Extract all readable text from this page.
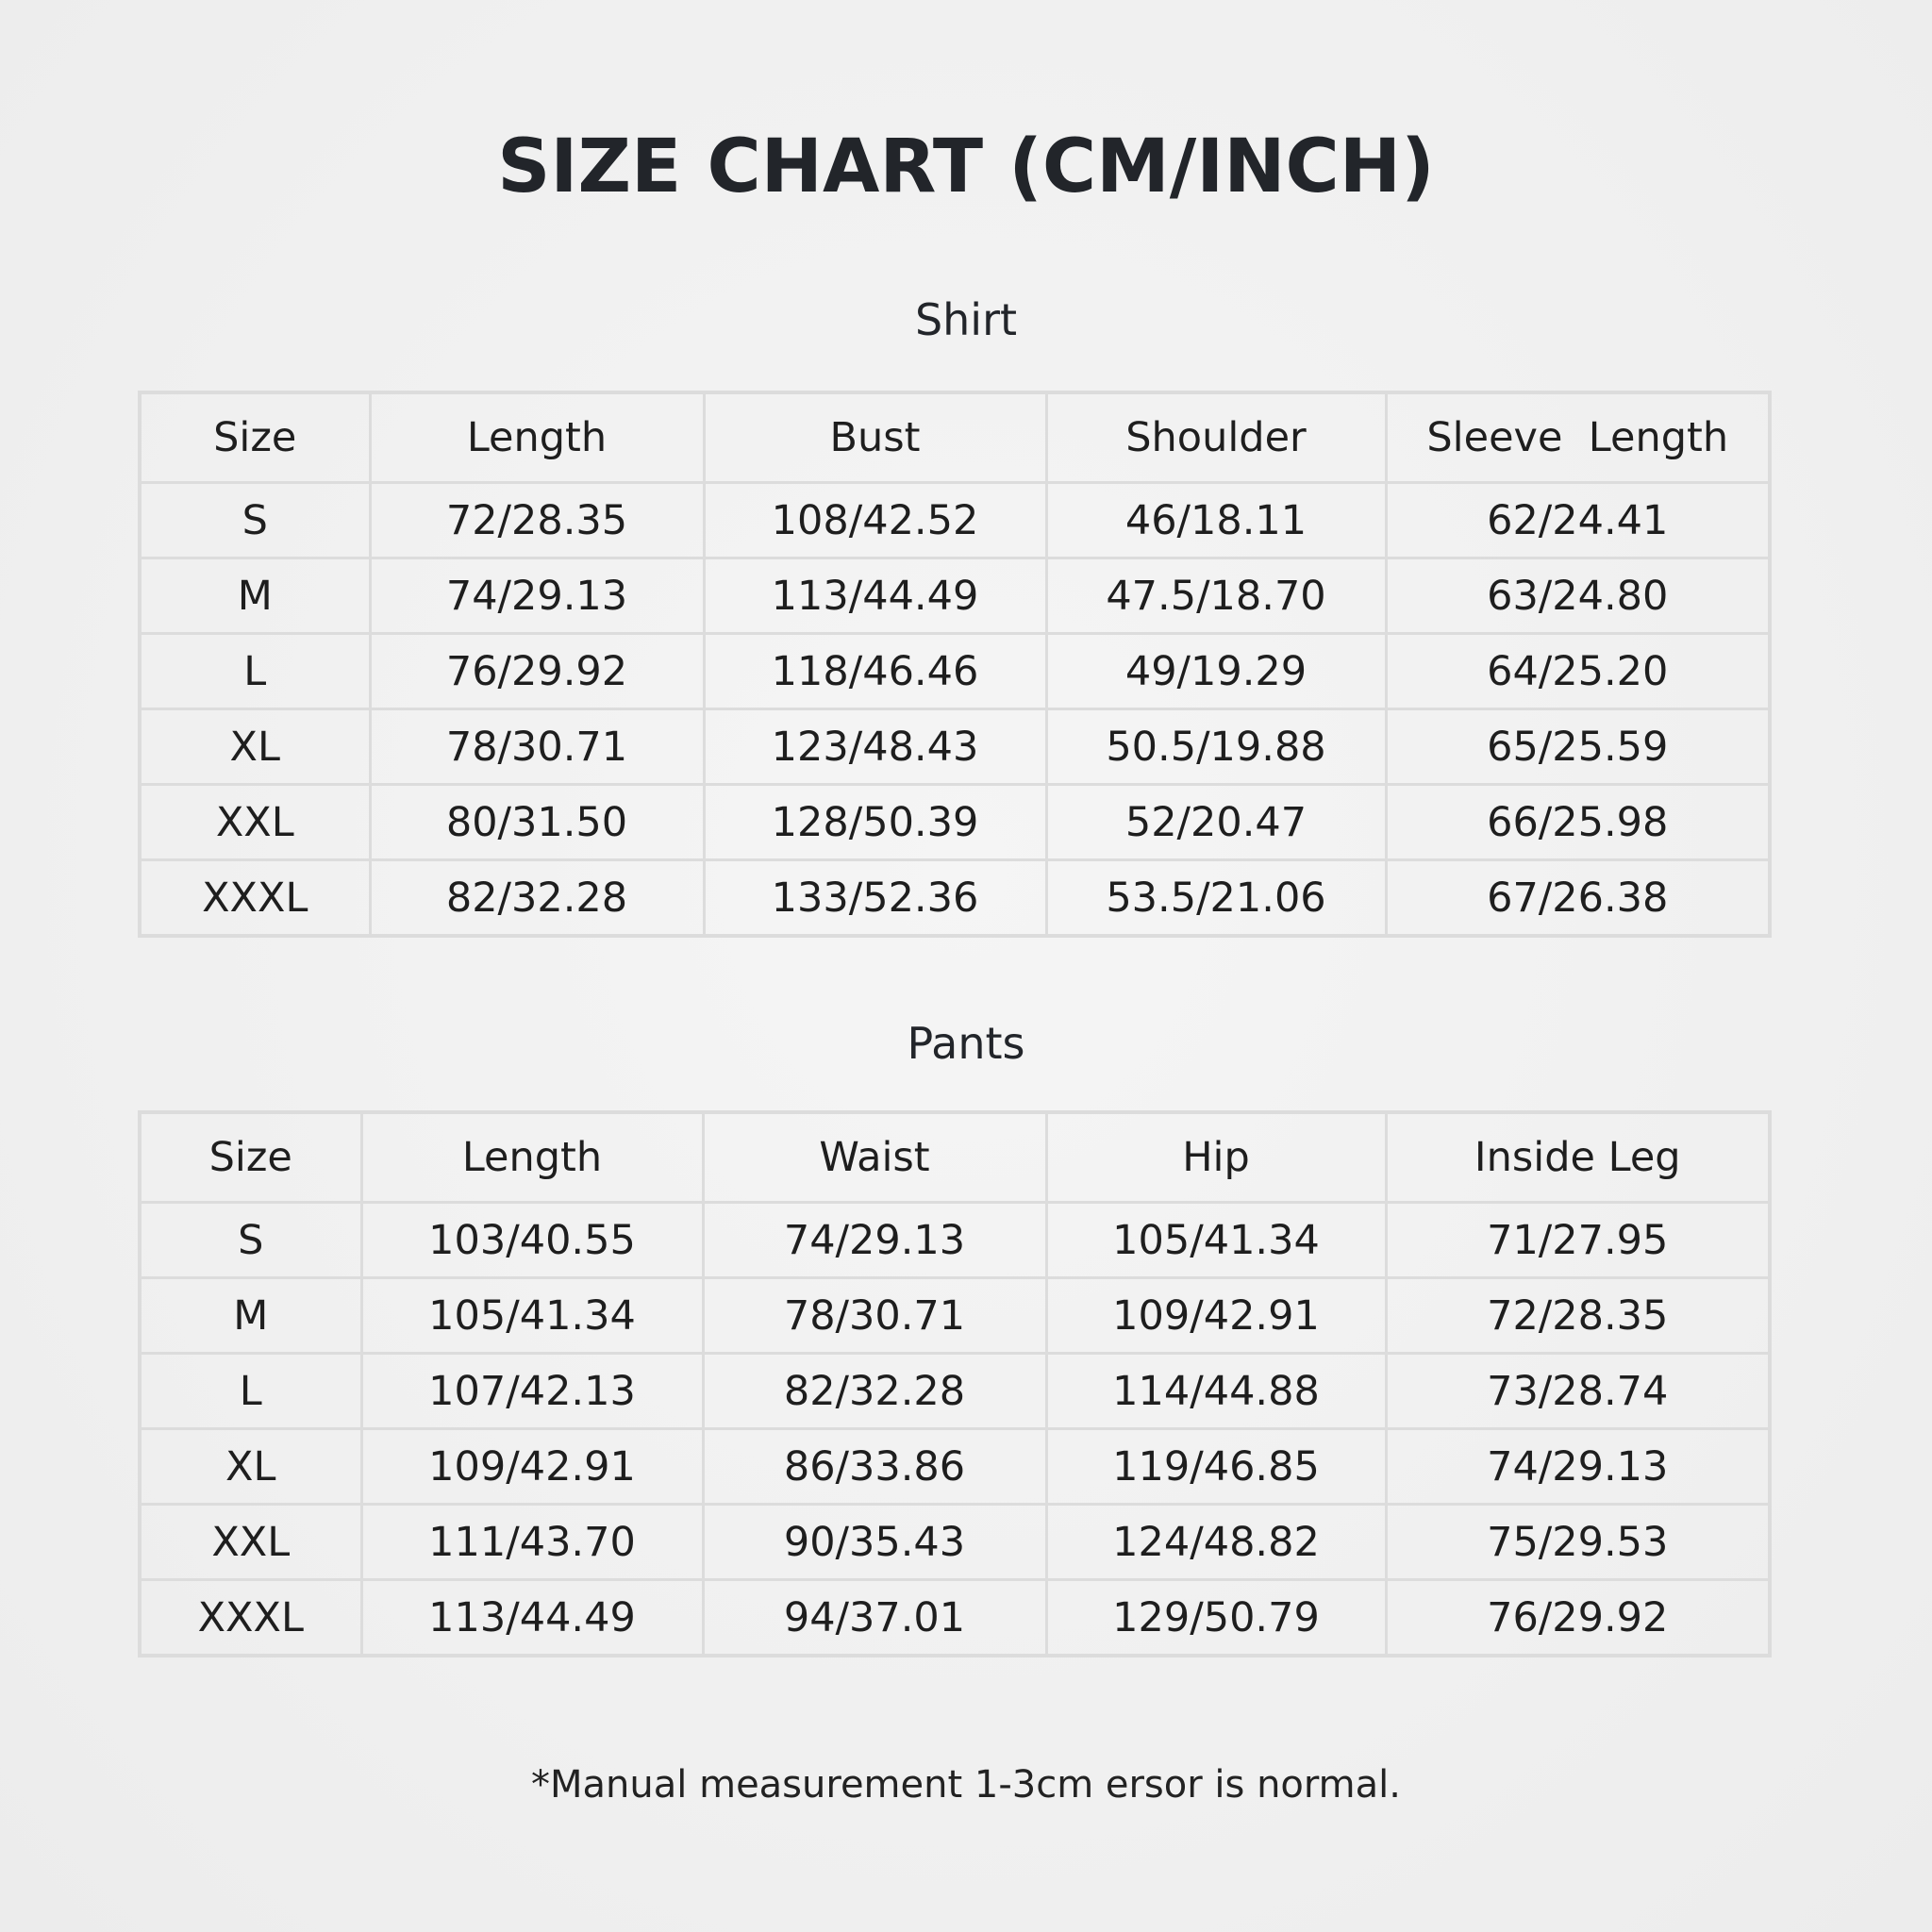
SIZE CHART (CM/INCH)
Shirt
Size	Length	Bust	Shoulder	Sleeve  Length
S	72/28.35	108/42.52	46/18.11	62/24.41
M	74/29.13	113/44.49	47.5/18.70	63/24.80
L	76/29.92	118/46.46	49/19.29	64/25.20
XL	78/30.71	123/48.43	50.5/19.88	65/25.59
XXL	80/31.50	128/50.39	52/20.47	66/25.98
XXXL	82/32.28	133/52.36	53.5/21.06	67/26.38
Pants
Size	Length	Waist	Hip	Inside Leg
S	103/40.55	74/29.13	105/41.34	71/27.95
M	105/41.34	78/30.71	109/42.91	72/28.35
L	107/42.13	82/32.28	114/44.88	73/28.74
XL	109/42.91	86/33.86	119/46.85	74/29.13
XXL	111/43.70	90/35.43	124/48.82	75/29.53
XXXL	113/44.49	94/37.01	129/50.79	76/29.92
*Manual measurement 1-3cm ersor is normal.
